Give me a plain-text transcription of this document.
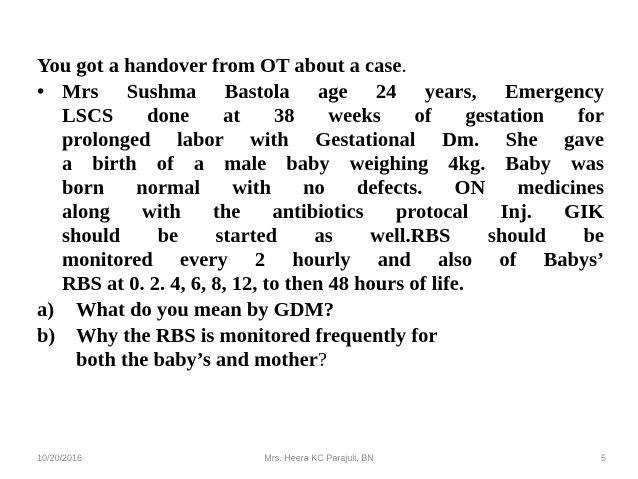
You got a handover from OT about a case.

• Mrs Sushma Bastola age 24 years, Emergency
LSCS done at 38 weeks of gestation for
prolonged labor with Gestational Dm. She gave
a birth of a male baby weighing 4kg. Baby was
born normal with no defects. ON medicines
along with the antibiotics protocal Inj. GIK
should be started as well.RBS should be
monitored every 2 hourly and also of Babys’
RBS at 0. 2. 4, 6, 8, 12, to then 48 hours of life.
a) What do you mean by GDM?
b) Why the RBS is monitored frequently for
both the baby’s and mother?
10/20/2016	Mrs. Heera KC Parajuli, BN	5
